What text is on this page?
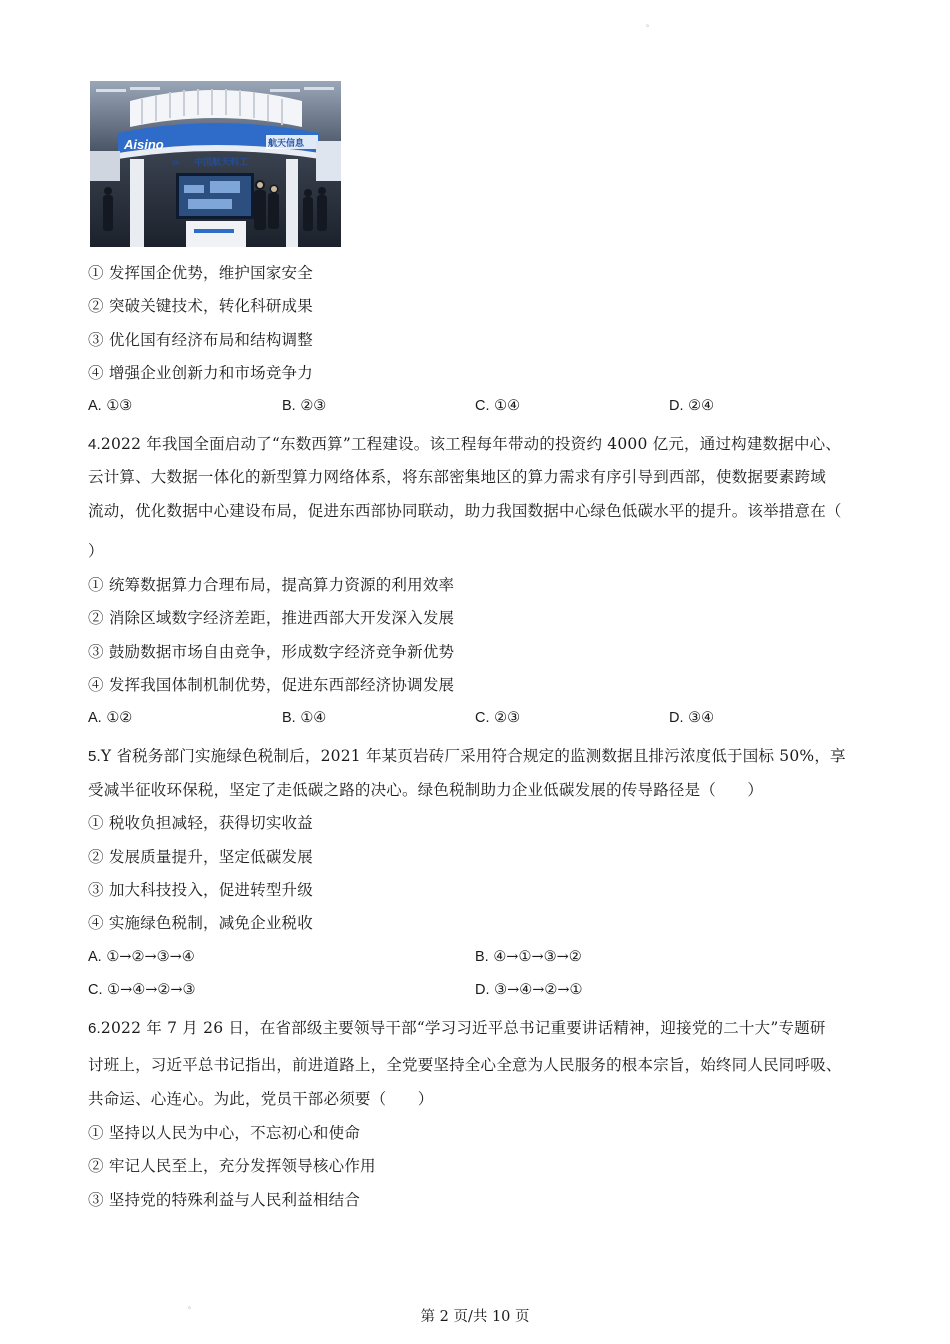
。
Aisino
中国航天科工
SK
航天信息
① 发挥国企优势，维护国家安全
② 突破关键技术，转化科研成果
③ 优化国有经济布局和结构调整
④ 增强企业创新力和市场竞争力
A. ①③	B. ②③	C. ①④	D. ②④
4.2022 年我国全面启动了“东数西算”工程建设。该工程每年带动的投资约 4000 亿元，通过构建数据中心、
云计算、大数据一体化的新型算力网络体系，将东部密集地区的算力需求有序引导到西部，使数据要素跨域
流动，优化数据中心建设布局，促进东西部协同联动，助力我国数据中心绿色低碳水平的提升。该举措意在（
）
① 统筹数据算力合理布局，提高算力资源的利用效率
② 消除区域数字经济差距，推进西部大开发深入发展
③ 鼓励数据市场自由竞争，形成数字经济竞争新优势
④ 发挥我国体制机制优势，促进东西部经济协调发展
A. ①②	B. ①④	C. ②③	D. ③④
5.Y 省税务部门实施绿色税制后，2021 年某页岩砖厂采用符合规定的监测数据且排污浓度低于国标 50%，享
受减半征收环保税，坚定了走低碳之路的决心。绿色税制助力企业低碳发展的传导路径是（　　）
① 税收负担减轻，获得切实收益
② 发展质量提升，坚定低碳发展
③ 加大科技投入，促进转型升级
④ 实施绿色税制，减免企业税收
A. ①→②→③→④	B. ④→①→③→②
C. ①→④→②→③	D. ③→④→②→①
6.2022 年 7 月 26 日，在省部级主要领导干部“学习习近平总书记重要讲话精神，迎接党的二十大”专题研
讨班上，习近平总书记指出，前进道路上，全党要坚持全心全意为人民服务的根本宗旨，始终同人民同呼吸、
共命运、心连心。为此，党员干部必须要（　　）
① 坚持以人民为中心，不忘初心和使命
② 牢记人民至上，充分发挥领导核心作用
③ 坚持党的特殊利益与人民利益相结合
。
第 2 页/共 10 页
